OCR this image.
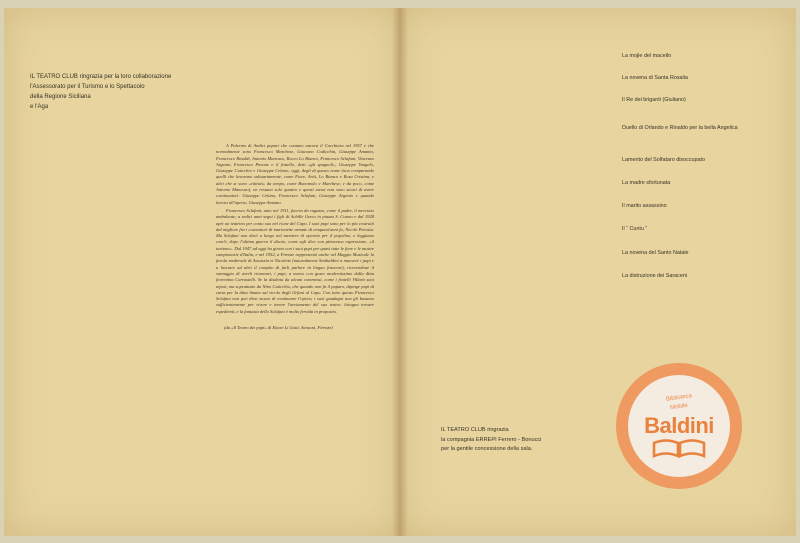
IL TEATRO CLUB ringrazia per la loro collaborazione
l'Assessorato per il Turismo e lo Spettacolo
della Regione Siciliana
e l'Aga

A Palermo di Andici pupari che contano ancora il Cacchiara nel 1957 e che normalmente sono Francesco Marchese, Giacomo Codicchia, Giuseppe Amanto, Francesco Rinaldi, Antonio Mancuso, Rocco Lo Bianco, Francesco Sclafani, Vincenzo Argento, Francesco Pavone e il fratello, detti «gli spagnoli», Giuseppe Vangelo, Giuseppe Cuticchio e Giuseppe Celano; oggi, degli di questo nome (non comparando quelli che lavorano saltuariamente, come Fiore, Ariti, Lo Bianco e Rosa Cristina, e altri che si sono «ritirati» da tempo, come Bonomolo e Marchese, e da poco, come Antonio Mancuso), ne restano solo quattro e questi stessi non sono sicuri di avere continuatori: Giuseppe Celano, Francesco Sclafani, Giuseppe Argento e quando lavora all'aperto, Giuseppe Amanto.

Francesco Sclafani, nato nel 1911, faceva da ragazzo, come il padre, il merciaio ambulante; a sedici anni segui i figli di Achille Greco in piazza S. Cosmo e dal 1928 aprì un teatrino per conto suo nel rione del Capo. I suoi pupi sono per lo più costruiti dal migliore fra i costruttori di marionette armate di cinquant'anni fa, Nicolò Pirrotta. Ma Sclafani non durò a lungo nel mestiere di operaio per il popolino, e leggiamo com'è, dopo l'ultima guerra il disoto, come egli dice con pittoresca espressione, «il turismo». Dal 1947 ad oggi ha girato con i suoi pupi per quasi tutte le fiere e le mostre campionarie d'Italia, e nel 1952, a Firenze rappresentò anche nel Maggio Musicale la favola medievale di Aucassin et Nicolette (naturalmente Sinibaldini a muovere i pupi e a lasciare ad altri il compito di farli parlare in lingua francese), ricevendone il vantaggio di averli rinnovati, i pupi, a nuovo con gusto modernissimo dalla ditta fiorentina Carrastelli. Se la disdetta da alcuni commessi, come i fratelli Villarà suoi nipoti, ma soprattutto da Nino Cuticchio, che quando non fa il puparo, dipinge pupi di carta per la ditta Amato sul vicolo degli Orfani al Capo. Con tutto questo Francesco Sclafani non può dirsi sicuro di continuare l'opera; i suoi guadagni non gli bastano sufficientemente per vivere e tenere l'avviamento del suo teatro: bisogna trovare espedienti, e la fantasia dello Sclafani è molto fervida in proposito.

(da «Il Teatro dei pupi» di Ettore Li Gotti, Sansoni, Firenze)

La mojie del macello
La novena di Santa Rosalia
Il Re dei briganti (Giuliano)
Duello di Orlando e Rinaldo per la bella Angelica
Lamento del Solfataro disoccupato
La madre sfortunata
Il marito assassino
Il “ Cuntu ”
La novena del Santo Natale
La distruzione dei Saraceni
IL TEATRO CLUB ringrazia
la compagnia ERREPI Ferrero - Bonucci
per la gentile concessione della sala.
Biblioteca
Mobile
Baldini
